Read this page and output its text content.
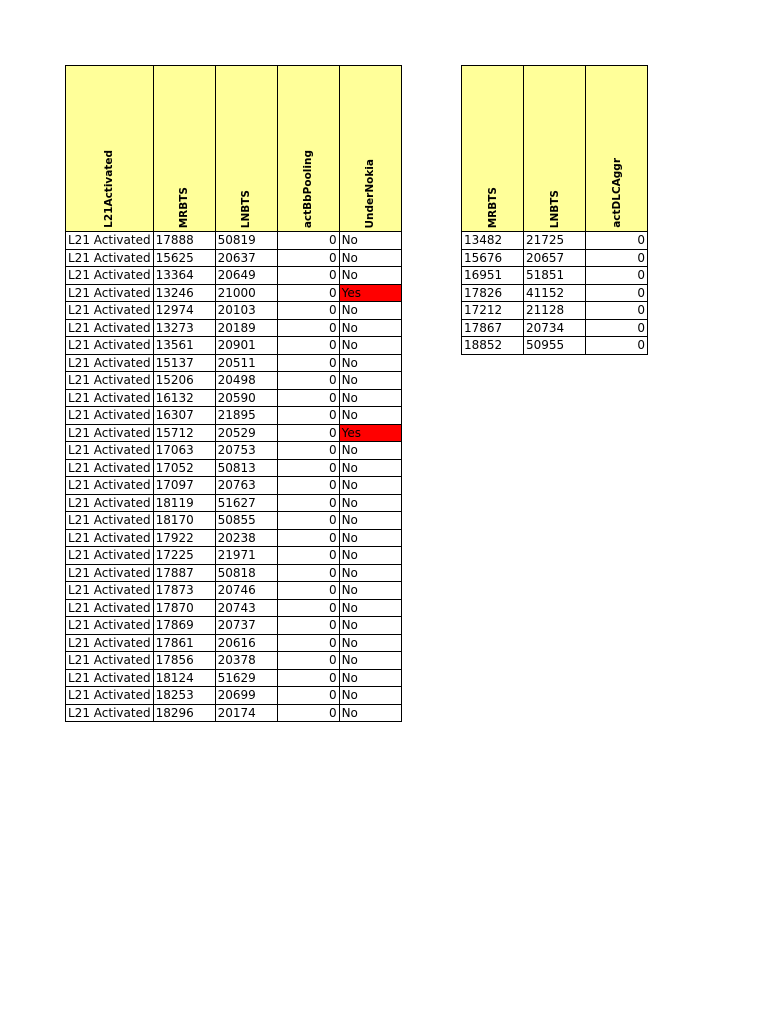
L21Activated	MRBTS	LNBTS	actBbPooling	UnderNokia

L21 Activated	17888	50819	0	No
L21 Activated	15625	20637	0	No
L21 Activated	13364	20649	0	No
L21 Activated	13246	21000	0	Yes
L21 Activated	12974	20103	0	No
L21 Activated	13273	20189	0	No
L21 Activated	13561	20901	0	No
L21 Activated	15137	20511	0	No
L21 Activated	15206	20498	0	No
L21 Activated	16132	20590	0	No
L21 Activated	16307	21895	0	No
L21 Activated	15712	20529	0	Yes
L21 Activated	17063	20753	0	No
L21 Activated	17052	50813	0	No
L21 Activated	17097	20763	0	No
L21 Activated	18119	51627	0	No
L21 Activated	18170	50855	0	No
L21 Activated	17922	20238	0	No
L21 Activated	17225	21971	0	No
L21 Activated	17887	50818	0	No
L21 Activated	17873	20746	0	No
L21 Activated	17870	20743	0	No
L21 Activated	17869	20737	0	No
L21 Activated	17861	20616	0	No
L21 Activated	17856	20378	0	No
L21 Activated	18124	51629	0	No
L21 Activated	18253	20699	0	No
L21 Activated	18296	20174	0	No
MRBTS	LNBTS	actDLCAggr

13482	21725	0
15676	20657	0
16951	51851	0
17826	41152	0
17212	21128	0
17867	20734	0
18852	50955	0
